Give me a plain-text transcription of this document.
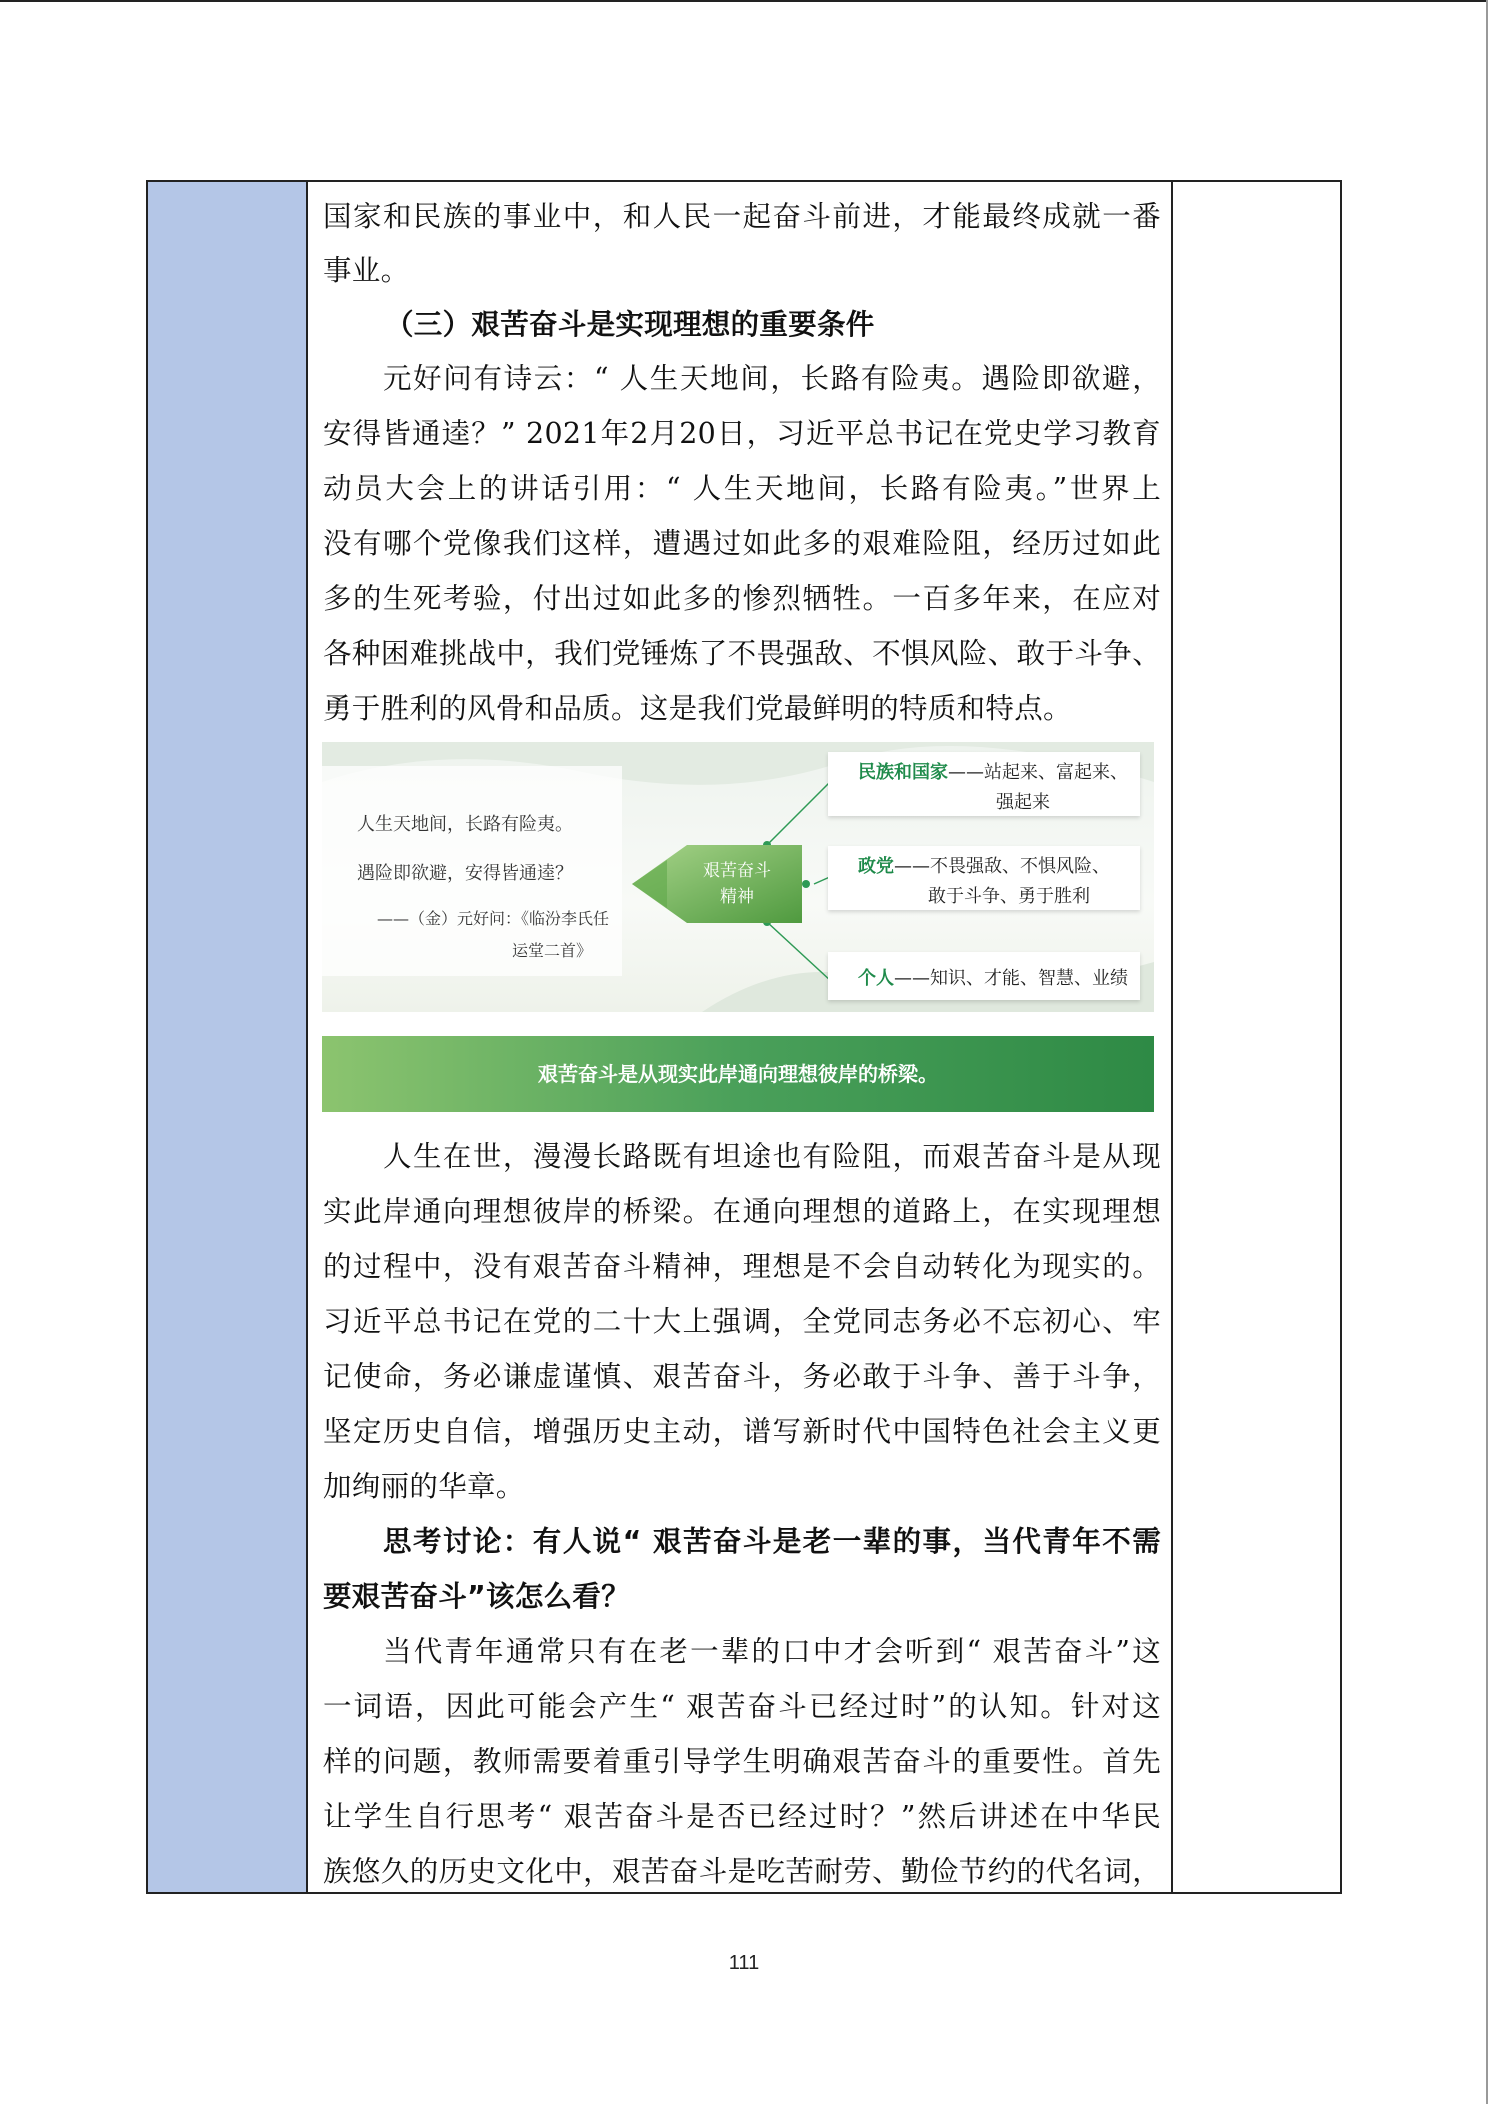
国家和民族的事业中，和人民一起奋斗前进，才能最终成就一番
事业。
（三）艰苦奋斗是实现理想的重要条件
元好问有诗云：“ 人生天地间，长路有险夷。遇险即欲避，
安得皆通逵？” 2021年2月20日，习近平总书记在党史学习教育
动员大会上的讲话引用：“ 人生天地间，长路有险夷。”世界上
没有哪个党像我们这样，遭遇过如此多的艰难险阻，经历过如此
多的生死考验，付出过如此多的惨烈牺牲。一百多年来，在应对
各种困难挑战中，我们党锤炼了不畏强敌、不惧风险、敢于斗争、
勇于胜利的风骨和品质。这是我们党最鲜明的特质和特点。
人生在世，漫漫长路既有坦途也有险阻，而艰苦奋斗是从现
实此岸通向理想彼岸的桥梁。在通向理想的道路上，在实现理想
的过程中，没有艰苦奋斗精神，理想是不会自动转化为现实的。
习近平总书记在党的二十大上强调，全党同志务必不忘初心、牢
记使命，务必谦虚谨慎、艰苦奋斗，务必敢于斗争、善于斗争，
坚定历史自信，增强历史主动，谱写新时代中国特色社会主义更
加绚丽的华章。
思考讨论：有人说“ 艰苦奋斗是老一辈的事，当代青年不需
要艰苦奋斗”该怎么看？
当代青年通常只有在老一辈的口中才会听到“ 艰苦奋斗”这
一词语，因此可能会产生“ 艰苦奋斗已经过时”的认知。针对这
样的问题，教师需要着重引导学生明确艰苦奋斗的重要性。首先
让学生自行思考“ 艰苦奋斗是否已经过时？”然后讲述在中华民
族悠久的历史文化中，艰苦奋斗是吃苦耐劳、勤俭节约的代名词，
人生天地间，长路有险夷。
遇险即欲避，安得皆通逵？
——（金）元好问：《临汾李氏任
运堂二首》
艰苦奋斗
精神
民族和国家——站起来、富起来、
强起来
政党——不畏强敌、不惧风险、
敢于斗争、勇于胜利
个人——知识、才能、智慧、业绩
艰苦奋斗是从现实此岸通向理想彼岸的桥梁。
111
